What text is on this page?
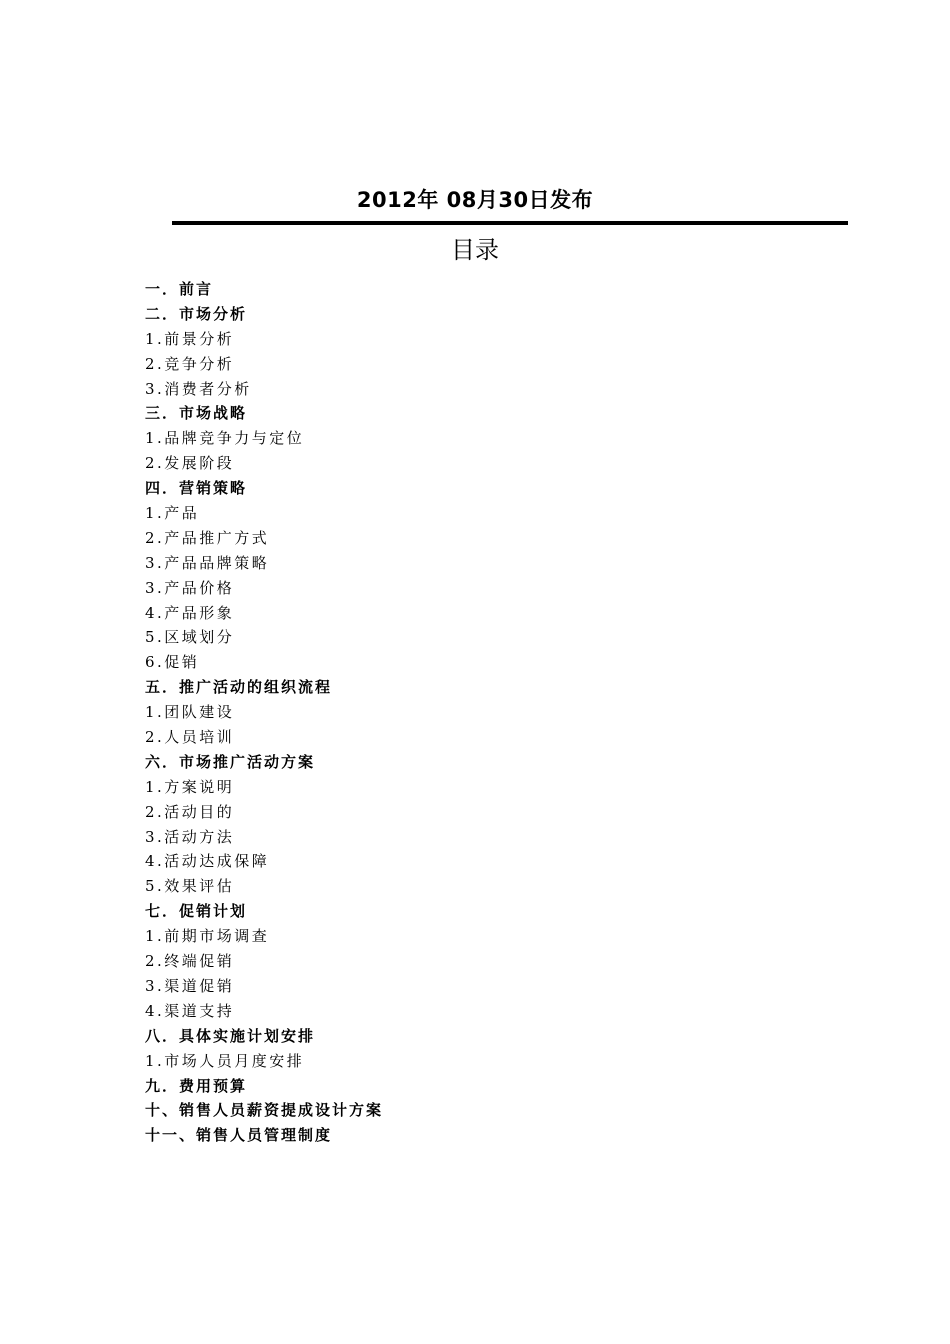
2012年 08月30日发布
目录
一．前言
二．市场分析
1.前景分析
2.竞争分析
3.消费者分析
三．市场战略
1.品牌竞争力与定位
2.发展阶段
四．营销策略
1.产品
2.产品推广方式
3.产品品牌策略
3.产品价格
4.产品形象
5.区域划分
6.促销
五．推广活动的组织流程
1.团队建设
2.人员培训
六．市场推广活动方案
1.方案说明
2.活动目的
3.活动方法
4.活动达成保障
5.效果评估
七．促销计划
1.前期市场调查
2.终端促销
3.渠道促销
4.渠道支持
八．具体实施计划安排
1.市场人员月度安排
九．费用预算
十、销售人员薪资提成设计方案
十一、销售人员管理制度
